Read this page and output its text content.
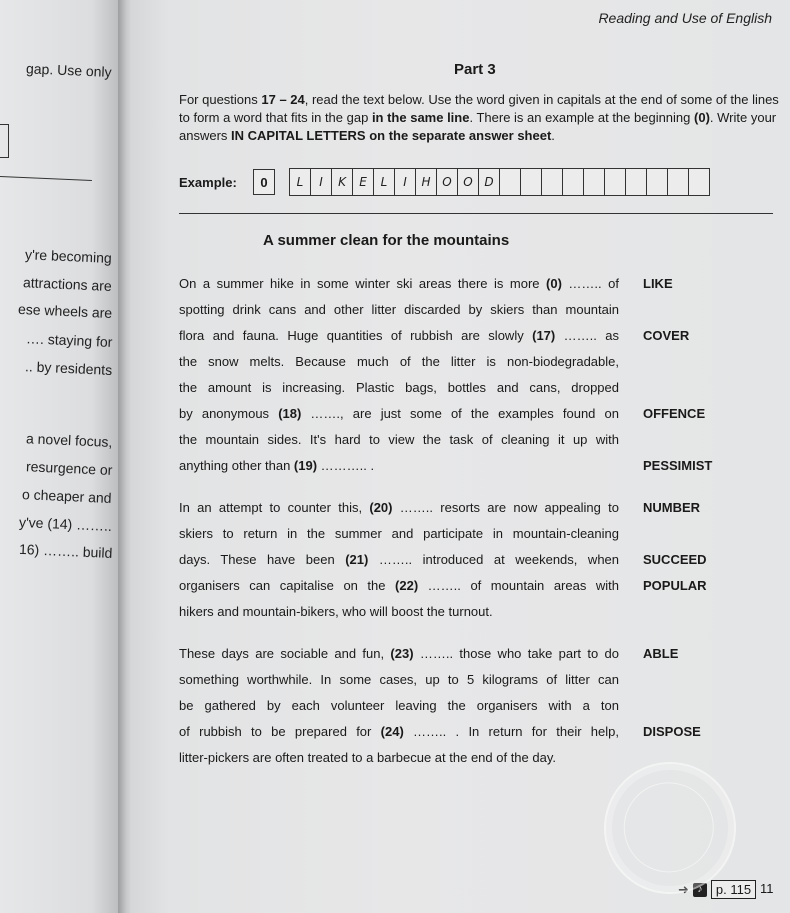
gap. Use only
y're becoming
attractions are
ese wheels are
…. staying for
.. by residents
a novel focus,
resurgence or
o cheaper and
y've (14) ……..
16) …….. build
Reading and Use of English
Part 3
For questions 17 – 24, read the text below. Use the word given in capitals at the end of some of the lines to form a word that fits in the gap in the same line. There is an example at the beginning (0). Write your answers IN CAPITAL LETTERS on the separate answer sheet.
Example:	0	L	I	K	E	L	I	H O O D
A summer clean for the mountains
On a summer hike in some winter ski areas there is more (0) …….. of
spotting drink cans and other litter discarded by skiers than mountain
flora and fauna. Huge quantities of rubbish are slowly (17) …….. as
the snow melts. Because much of the litter is non-biodegradable,
the amount is increasing. Plastic bags, bottles and cans, dropped
by anonymous (18) ……., are just some of the examples found on
the mountain sides. It's hard to view the task of cleaning it up with
anything other than (19) ……….. .
In an attempt to counter this, (20) …….. resorts are now appealing to
skiers to return in the summer and participate in mountain-cleaning
days. These have been (21) …….. introduced at weekends, when
organisers can capitalise on the (22) …….. of mountain areas with
hikers and mountain-bikers, who will boost the turnout.
These days are sociable and fun, (23) …….. those who take part to do
something worthwhile. In some cases, up to 5 kilograms of litter can
be gathered by each volunteer leaving the organisers with a ton
of rubbish to be prepared for (24) …….. . In return for their help,
litter-pickers are often treated to a barbecue at the end of the day.
LIKE
COVER
OFFENCE
PESSIMIST
NUMBER
SUCCEED
POPULAR
ABLE
DISPOSE
➜ ♪	p. 115 11
